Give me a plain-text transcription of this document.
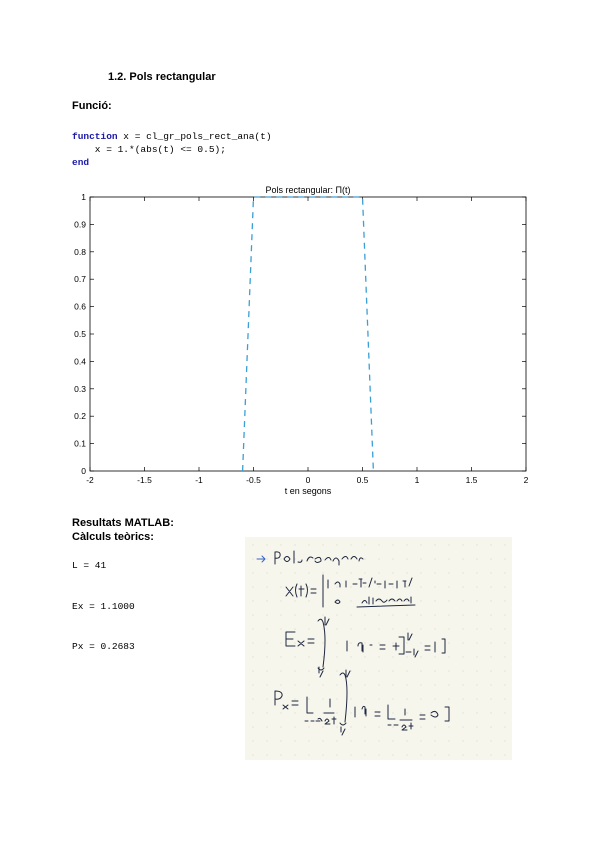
1.2. Pols rectangular
Funció:
function x = cl_gr_pols_rect_ana(t)
x = 1.*(abs(t) <= 0.5);
end
Pols rectangular: Π(t)
-2	-1.5	-1	-0.5	0	0.5	1	1.5	2
0
0.1
0.2
0.3
0.4
0.5
0.6
0.7
0.8
0.9
1
t en segons
Resultats MATLAB:
Càlculs teòrics:
L = 41
Ex = 1.1000
Px = 0.2683
